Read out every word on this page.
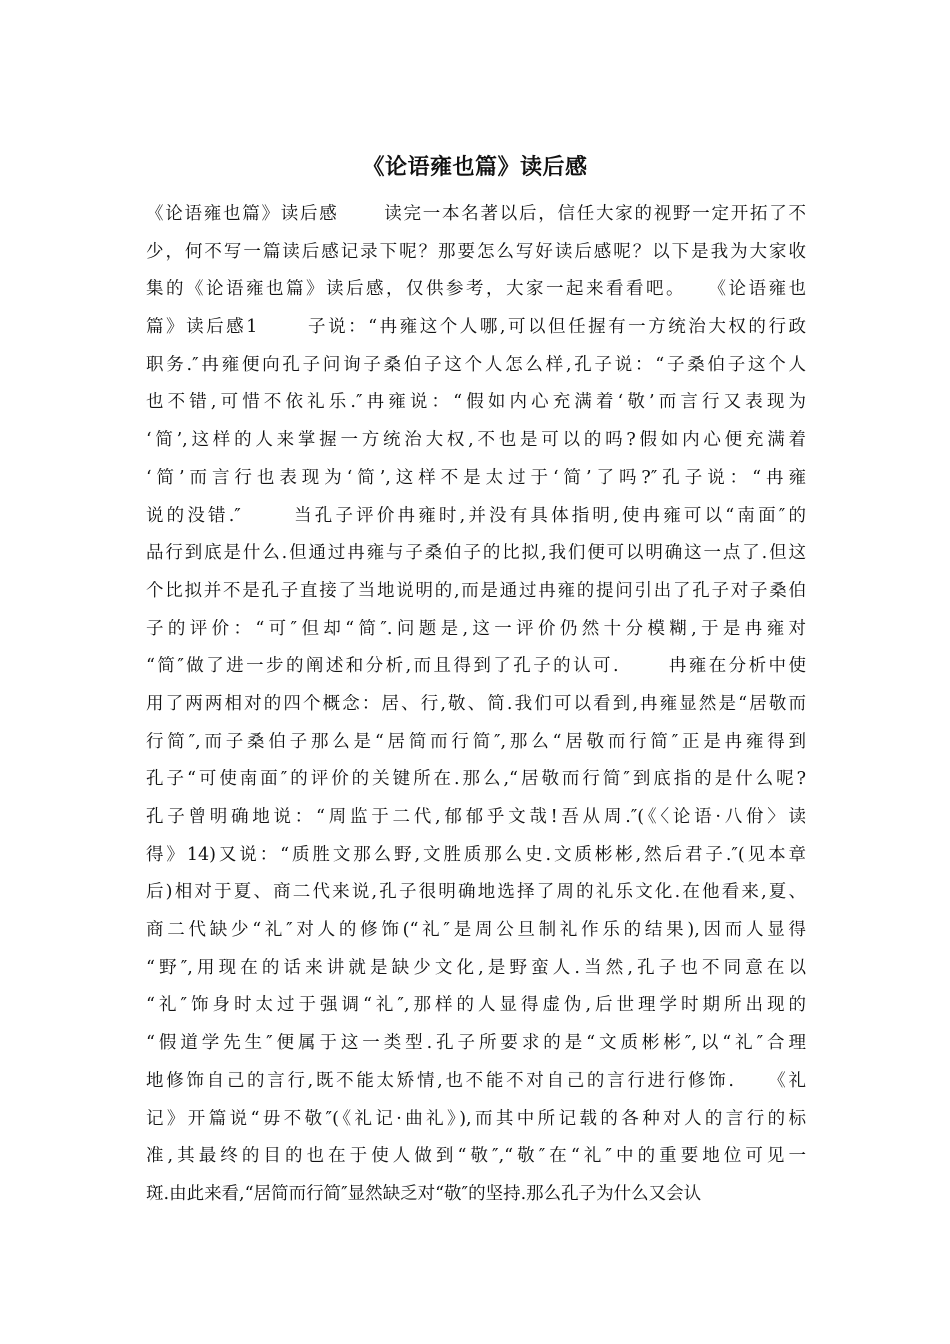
《论语雍也篇》读后感
《论语雍也篇》读后感　　 读完一本名著以后，信任大家的视野一定开拓了不
少，何不写一篇读后感记录下呢？那要怎么写好读后感呢？以下是我为大家收
集的《论语雍也篇》读后感，仅供参考，大家一起来看看吧。　　《论语雍也
篇》读后感1　　 子说：“冉雍这个人哪,可以但任握有一方统治大权的行政
职务.″冉雍便向孔子问询子桑伯子这个人怎么样,孔子说：“子桑伯子这个人
也不错,可惜不依礼乐.″冉雍说：“假如内心充满着‘敬’而言行又表现为
‘简’,这样的人来掌握一方统治大权,不也是可以的吗?假如内心便充满着
‘简’而言行也表现为‘简’,这样不是太过于‘简’了吗?″孔子说：“冉雍
说的没错.″　　 当孔子评价冉雍时,并没有具体指明,使冉雍可以“南面″的
品行到底是什么.但通过冉雍与子桑伯子的比拟,我们便可以明确这一点了.但这
个比拟并不是孔子直接了当地说明的,而是通过冉雍的提问引出了孔子对子桑伯
子的评价：“可″但却“简″.问题是,这一评价仍然十分模糊,于是冉雍对
“简″做了进一步的阐述和分析,而且得到了孔子的认可.　　 冉雍在分析中使
用了两两相对的四个概念：居、行,敬、简.我们可以看到,冉雍显然是“居敬而
行简″,而子桑伯子那么是“居简而行简″,那么“居敬而行简″正是冉雍得到
孔子“可使南面″的评价的关键所在.那么,“居敬而行简″到底指的是什么呢?
孔子曾明确地说：“周监于二代,郁郁乎文哉!吾从周.″(《〈论语·八佾〉读
得》14)又说：“质胜文那么野,文胜质那么史.文质彬彬,然后君子.″(见本章
后)相对于夏、商二代来说,孔子很明确地选择了周的礼乐文化.在他看来,夏、
商二代缺少“礼″对人的修饰(“礼″是周公旦制礼作乐的结果),因而人显得
“野″,用现在的话来讲就是缺少文化,是野蛮人.当然,孔子也不同意在以
“礼″饰身时太过于强调“礼″,那样的人显得虚伪,后世理学时期所出现的
“假道学先生″便属于这一类型.孔子所要求的是“文质彬彬″,以“礼″合理
地修饰自己的言行,既不能太矫情,也不能不对自己的言行进行修饰.　　《礼
记》开篇说“毋不敬″(《礼记·曲礼》),而其中所记载的各种对人的言行的标
准,其最终的目的也在于使人做到“敬″,“敬″在“礼″中的重要地位可见一
斑.由此来看,“居简而行简″显然缺乏对“敬″的坚持.那么孔子为什么又会认
